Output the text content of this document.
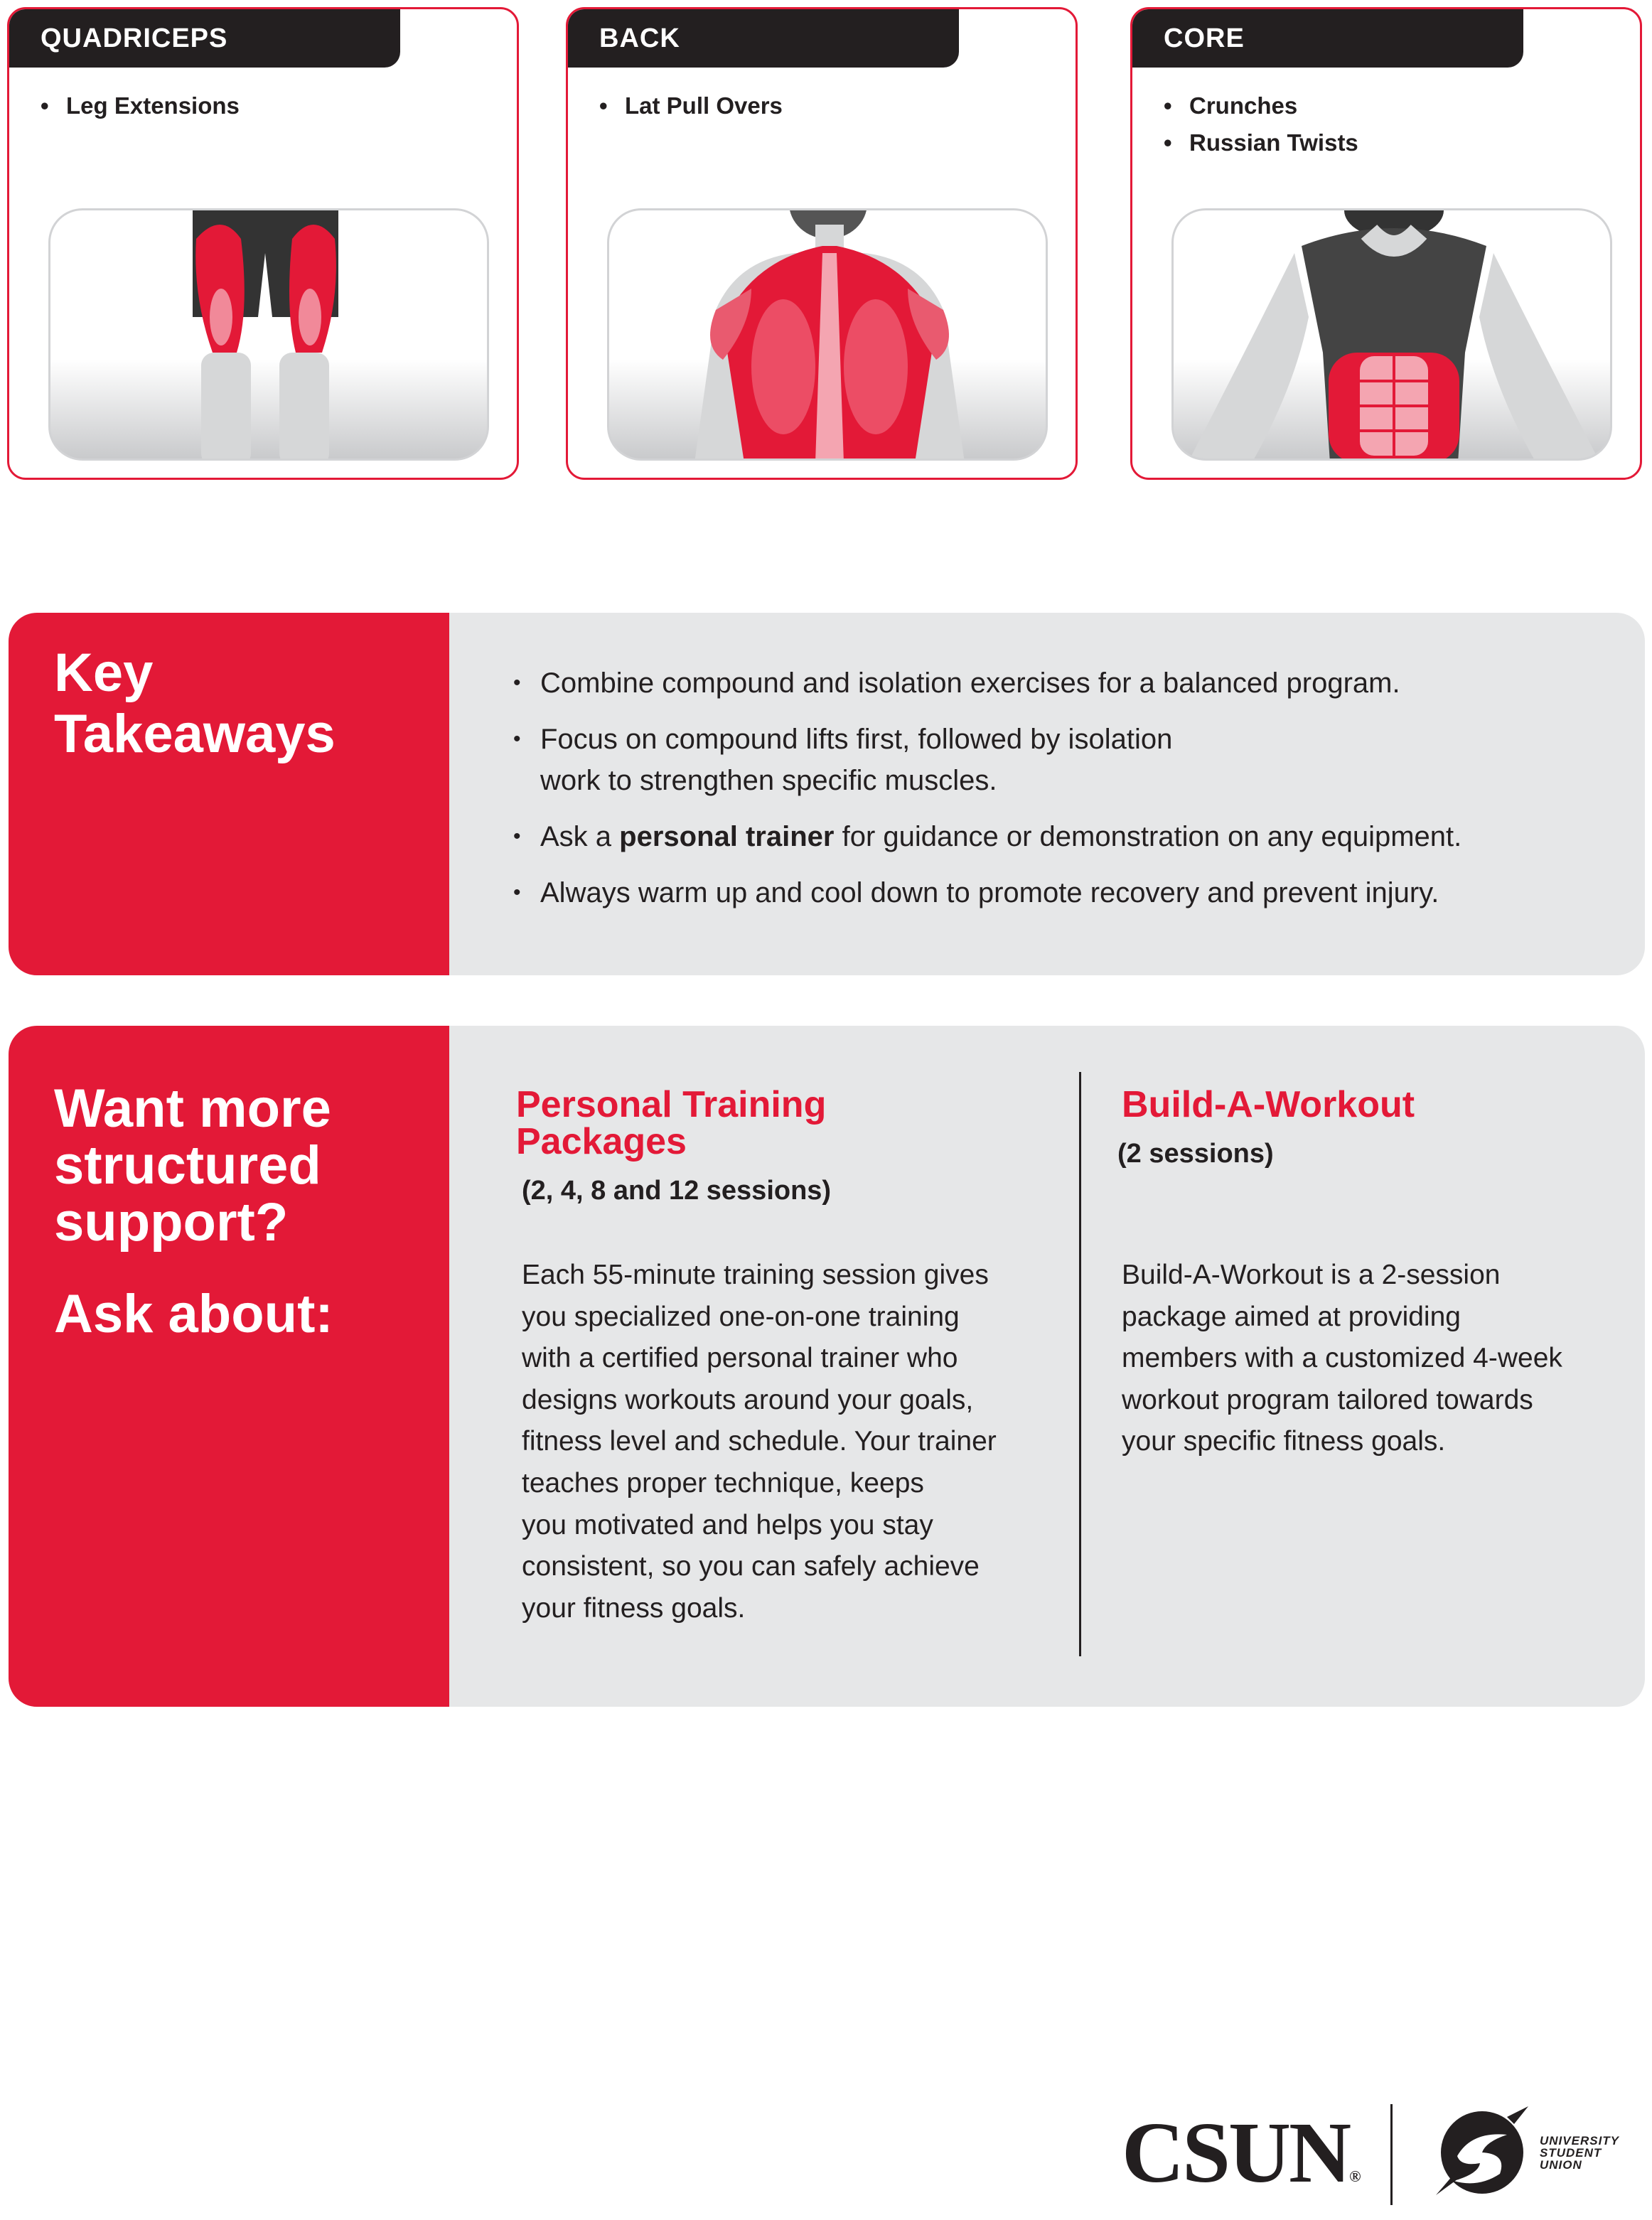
QUADRICEPS
• Leg Extensions
BACK
• Lat Pull Overs
CORE
• Crunches
• Russian Twists
Key
Takeaways
• Combine compound and isolation exercises for a balanced program.
• Focus on compound lifts first, followed by isolation
work to strengthen specific muscles.
• Ask a personal trainer for guidance or demonstration on any equipment.
• Always warm up and cool down to promote recovery and prevent injury.
Want more
structured
support?
Ask about:
Personal Training
Packages

(2, 4, 8 and 12 sessions)

Each 55-minute training session gives
you specialized one-on-one training
with a certified personal trainer who
designs workouts around your goals,
fitness level and schedule. Your trainer
teaches proper technique, keeps
you motivated and helps you stay
consistent, so you can safely achieve
your fitness goals.
Build-A-Workout

(2 sessions)

Build-A-Workout is a 2-session
package aimed at providing
members with a customized 4-week
workout program tailored towards
your specific fitness goals.
CSUN®
UNIVERSITY
STUDENT
UNION
